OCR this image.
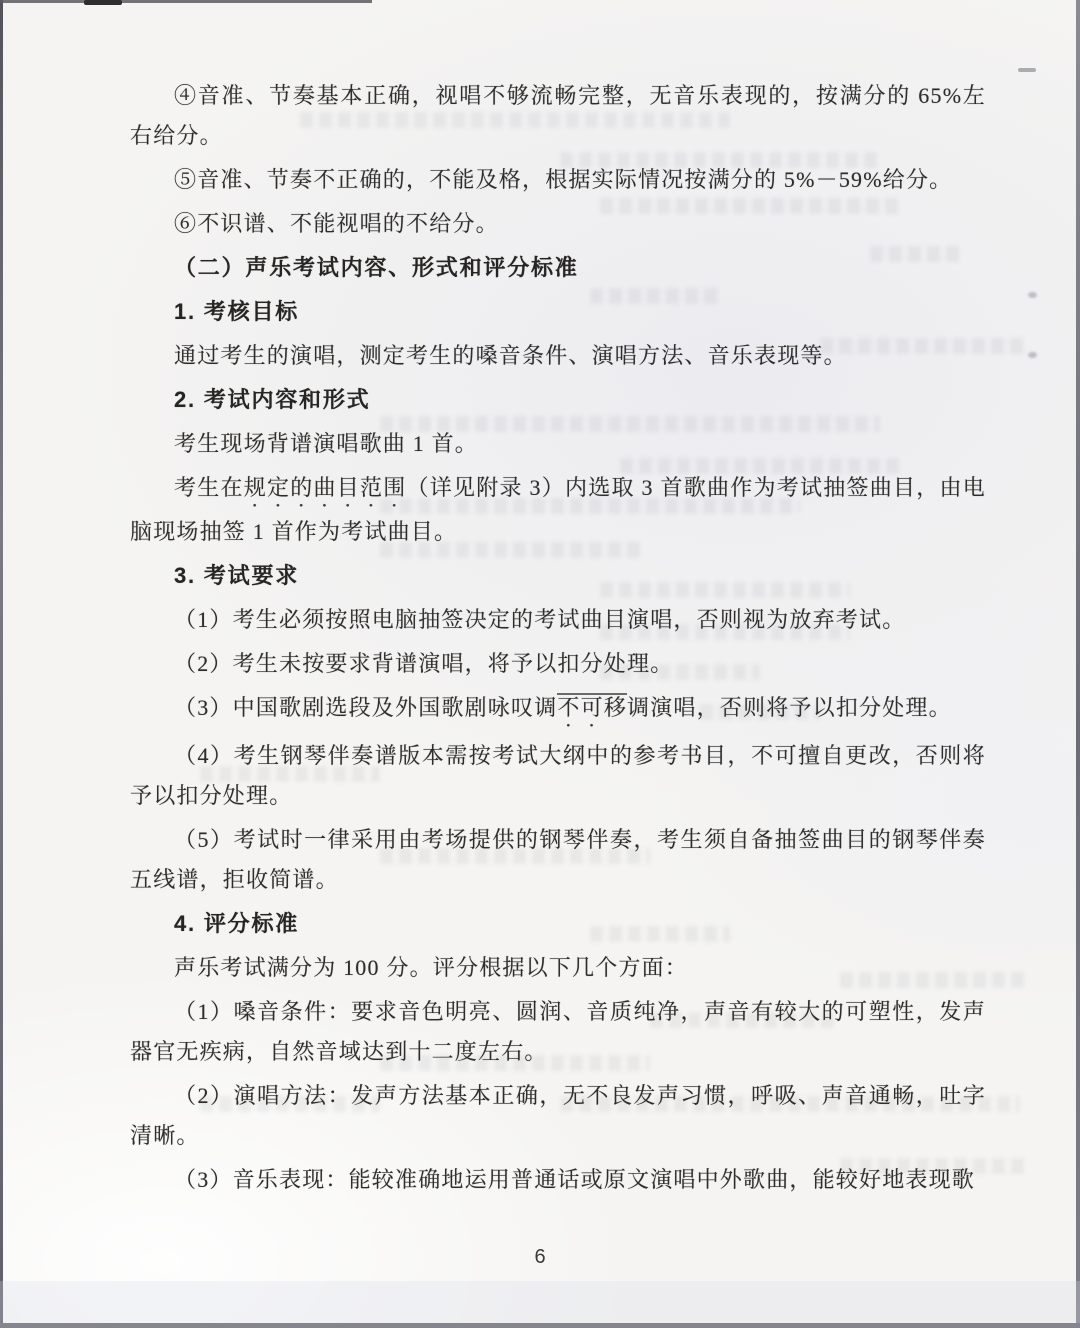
④音准、节奏基本正确，视唱不够流畅完整，无音乐表现的，按满分的 65%左右给分。

⑤音准、节奏不正确的，不能及格，根据实际情况按满分的 5%－59%给分。

⑥不识谱、不能视唱的不给分。

（二）声乐考试内容、形式和评分标准

1. 考核目标

通过考生的演唱，测定考生的嗓音条件、演唱方法、音乐表现等。

2. 考试内容和形式

考生现场背谱演唱歌曲 1 首。

考生在规定的曲目范围（详见附录 3）内选取 3 首歌曲作为考试抽签曲目，由电脑现场抽签 1 首作为考试曲目。

3. 考试要求

（1）考生必须按照电脑抽签决定的考试曲目演唱，否则视为放弃考试。

（2）考生未按要求背谱演唱，将予以扣分处理。

（3）中国歌剧选段及外国歌剧咏叹调不可移调演唱，否则将予以扣分处理。

（4）考生钢琴伴奏谱版本需按考试大纲中的参考书目，不可擅自更改，否则将予以扣分处理。

（5）考试时一律采用由考场提供的钢琴伴奏，考生须自备抽签曲目的钢琴伴奏五线谱，拒收简谱。

4. 评分标准

声乐考试满分为 100 分。评分根据以下几个方面：

（1）嗓音条件：要求音色明亮、圆润、音质纯净，声音有较大的可塑性，发声器官无疾病，自然音域达到十二度左右。

（2）演唱方法：发声方法基本正确，无不良发声习惯，呼吸、声音通畅，吐字清晰。

（3）音乐表现：能较准确地运用普通话或原文演唱中外歌曲，能较好地表现歌

6
